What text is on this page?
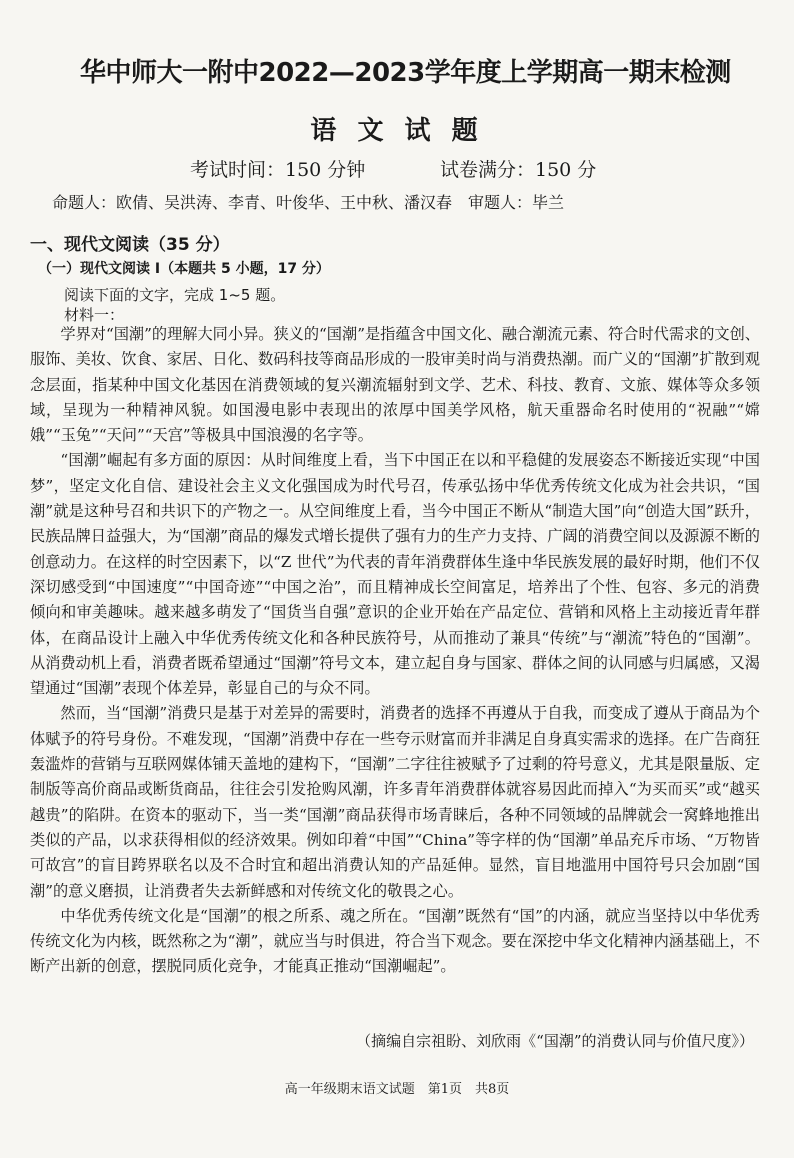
华中师大一附中2022—2023学年度上学期高一期末检测
语 文 试 题
考试时间：150 分钟	试卷满分：150 分
命题人：欧倩、吴洪涛、李青、叶俊华、王中秋、潘汉春　审题人：毕兰
一、现代文阅读（35 分）
（一）现代文阅读 I（本题共 5 小题，17 分）
阅读下面的文字，完成 1~5 题。
材料一：

学界对“国潮”的理解大同小异。狭义的“国潮”是指蕴含中国文化、融合潮流元素、符合时代需求的文创、服饰、美妆、饮食、家居、日化、数码科技等商品形成的一股审美时尚与消费热潮。而广义的“国潮”扩散到观念层面，指某种中国文化基因在消费领域的复兴潮流辐射到文学、艺术、科技、教育、文旅、媒体等众多领域，呈现为一种精神风貌。如国漫电影中表现出的浓厚中国美学风格，航天重器命名时使用的“祝融”“嫦娥”“玉兔”“天问”“天宫”等极具中国浪漫的名字等。

“国潮”崛起有多方面的原因：从时间维度上看，当下中国正在以和平稳健的发展姿态不断接近实现“中国梦”，坚定文化自信、建设社会主义文化强国成为时代号召，传承弘扬中华优秀传统文化成为社会共识，“国潮”就是这种号召和共识下的产物之一。从空间维度上看，当今中国正不断从“制造大国”向“创造大国”跃升，民族品牌日益强大，为“国潮”商品的爆发式增长提供了强有力的生产力支持、广阔的消费空间以及源源不断的创意动力。在这样的时空因素下，以“Z 世代”为代表的青年消费群体生逢中华民族发展的最好时期，他们不仅深切感受到“中国速度”“中国奇迹”“中国之治”，而且精神成长空间富足，培养出了个性、包容、多元的消费倾向和审美趣味。越来越多萌发了“国货当自强”意识的企业开始在产品定位、营销和风格上主动接近青年群体，在商品设计上融入中华优秀传统文化和各种民族符号，从而推动了兼具“传统”与“潮流”特色的“国潮”。从消费动机上看，消费者既希望通过“国潮”符号文本，建立起自身与国家、群体之间的认同感与归属感，又渴望通过“国潮”表现个体差异，彰显自己的与众不同。

然而，当“国潮”消费只是基于对差异的需要时，消费者的选择不再遵从于自我，而变成了遵从于商品为个体赋予的符号身份。不难发现，“国潮”消费中存在一些夸示财富而并非满足自身真实需求的选择。在广告商狂轰滥炸的营销与互联网媒体铺天盖地的建构下，“国潮”二字往往被赋予了过剩的符号意义，尤其是限量版、定制版等高价商品或断货商品，往往会引发抢购风潮，许多青年消费群体就容易因此而掉入“为买而买”或“越买越贵”的陷阱。在资本的驱动下，当一类“国潮”商品获得市场青睐后，各种不同领域的品牌就会一窝蜂地推出类似的产品，以求获得相似的经济效果。例如印着“中国”“China”等字样的伪“国潮”单品充斥市场、“万物皆可故宫”的盲目跨界联名以及不合时宜和超出消费认知的产品延伸。显然，盲目地滥用中国符号只会加剧“国潮”的意义磨损，让消费者失去新鲜感和对传统文化的敬畏之心。

中华优秀传统文化是“国潮”的根之所系、魂之所在。“国潮”既然有“国”的内涵，就应当坚持以中华优秀传统文化为内核，既然称之为“潮”，就应当与时俱进，符合当下观念。要在深挖中华文化精神内涵基础上，不断产出新的创意，摆脱同质化竞争，才能真正推动“国潮崛起”。

（摘编自宗祖盼、刘欣雨《“国潮”的消费认同与价值尺度》）
高一年级期末语文试题　第1页　共8页
